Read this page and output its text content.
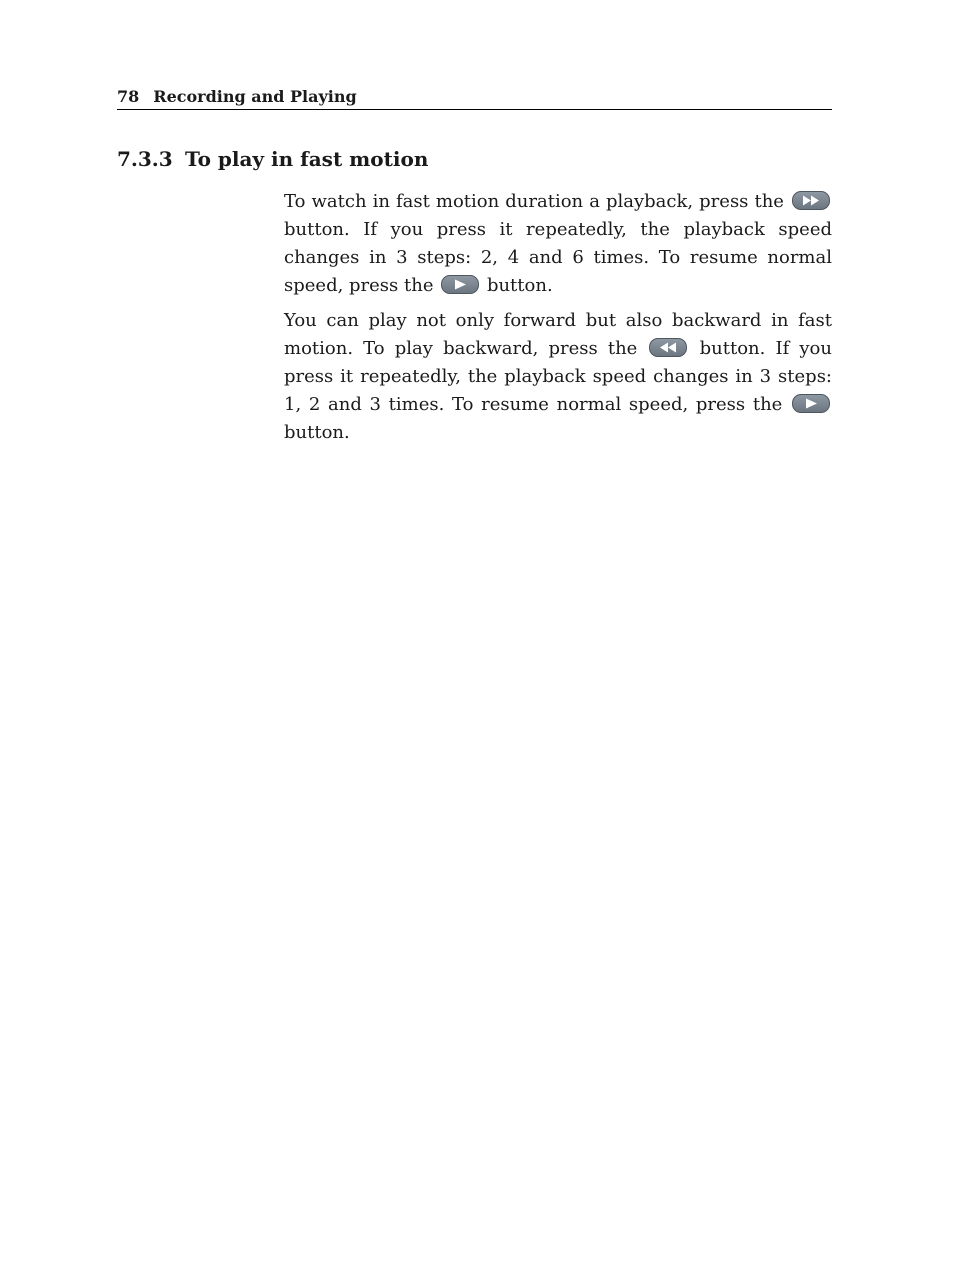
78 Recording and Playing
7.3.3 To play in fast motion

To watch in fast motion duration a playback, press the
button. If you press it repeatedly, the playback speed changes in 3 steps: 2, 4 and 6 times. To resume normal speed, press the
button.

You can play not only forward but also backward in fast motion. To play backward, press the
button. If you press it repeatedly, the playback speed changes in 3 steps: 1, 2 and 3 times. To resume normal speed, press the
button.
